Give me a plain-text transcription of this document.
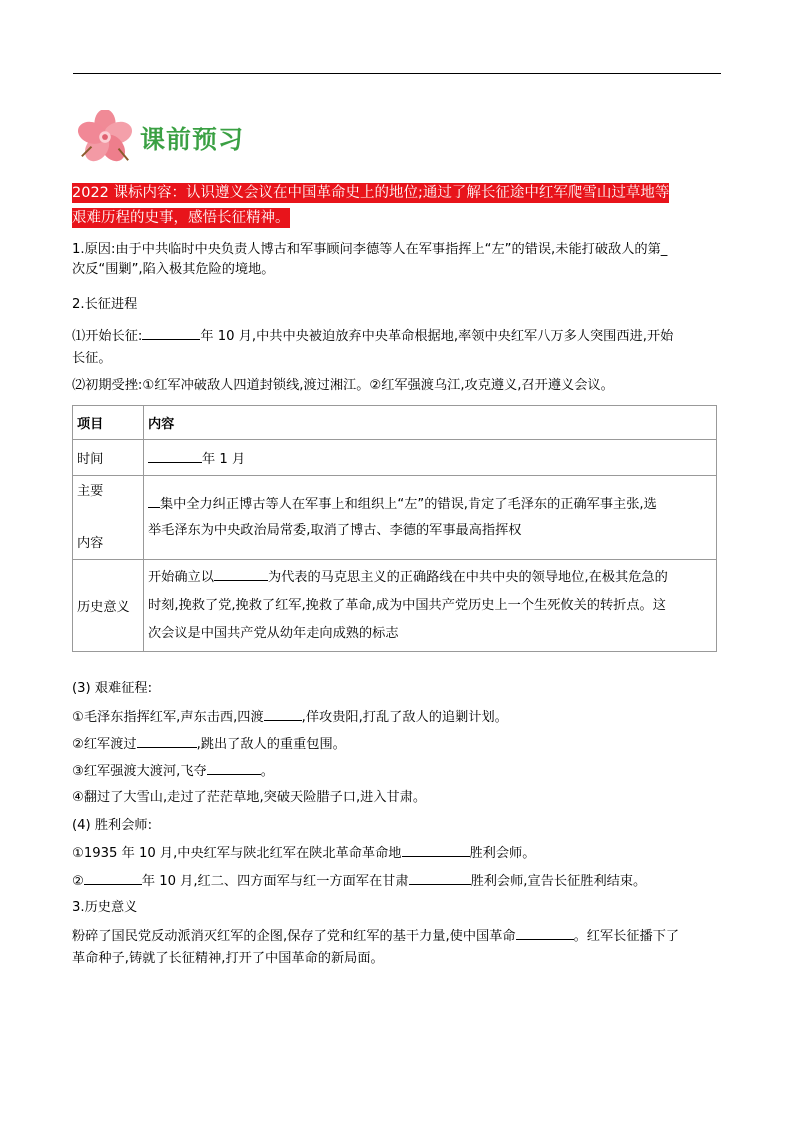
课前预习
2022 课标内容：认识遵义会议在中国革命史上的地位;通过了解长征途中红军爬雪山过草地等
艰难历程的史事，感悟长征精神。
1.原因:由于中共临时中央负责人博古和军事顾问李德等人在军事指挥上“左”的错误,未能打破敌人的第_
次反“围剿”,陷入极其危险的境地。
2.长征进程
⑴开始长征:	年 10 月,中共中央被迫放弃中央革命根据地,率领中央红军八万多人突围西进,开始
长征。
⑵初期受挫:①红军冲破敌人四道封锁线,渡过湘江。②红军强渡乌江,攻克遵义,召开遵义会议。
项目	内容
时间	年 1 月
主要

内容	集中全力纠正博古等人在军事上和组织上“左”的错误,肯定了毛泽东的正确军事主张,选
举毛泽东为中央政治局常委,取消了博古、李德的军事最高指挥权
历史意义	开始确立以 为代表的马克思主义的正确路线在中共中央的领导地位,在极其危急的
时刻,挽救了党,挽救了红军,挽救了革命,成为中国共产党历史上一个生死攸关的转折点。这
次会议是中国共产党从幼年走向成熟的标志
(3) 艰难征程:
①毛泽东指挥红军,声东击西,四渡	,佯攻贵阳,打乱了敌人的追剿计划。
②红军渡过	,跳出了敌人的重重包围。
③红军强渡大渡河,飞夺	。
④翻过了大雪山,走过了茫茫草地,突破天险腊子口,进入甘肃。
(4) 胜利会师:
①1935 年 10 月,中央红军与陕北红军在陕北革命革命地	胜利会师。
②	年 10 月,红二、四方面军与红一方面军在甘肃	胜利会师,宣告长征胜利结束。
3.历史意义
粉碎了国民党反动派消灭红军的企图,保存了党和红军的基干力量,使中国革命	。红军长征播下了
革命种子,铸就了长征精神,打开了中国革命的新局面。
